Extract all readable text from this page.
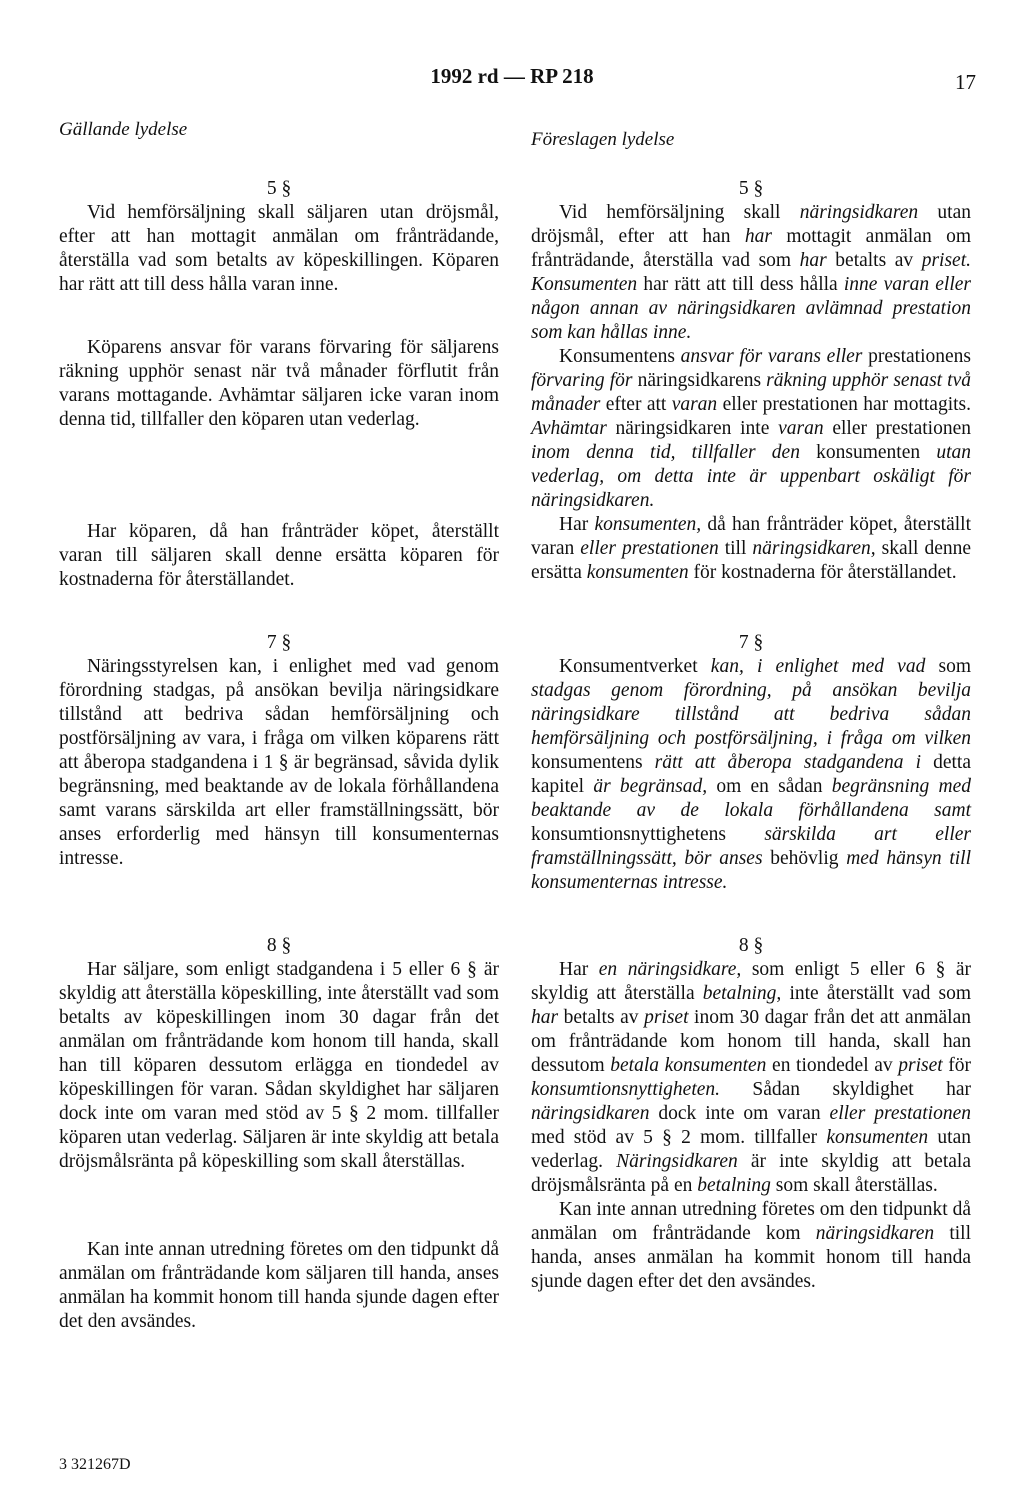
1992 rd — RP 218	17
Gällande lydelse

5 §

Vid hemförsäljning skall säljaren utan dröjsmål, efter att han mottagit anmälan om frånträdande, återställa vad som betalts av köpeskillingen. Köparen har rätt att till dess hålla varan inne.

Köparens ansvar för varans förvaring för säljarens räkning upphör senast när två månader förflutit från varans mottagande. Avhämtar säljaren icke varan inom denna tid, tillfaller den köparen utan vederlag.

Har köparen, då han frånträder köpet, återställt varan till säljaren skall denne ersätta köparen för kostnaderna för återställandet.

7 §

Näringsstyrelsen kan, i enlighet med vad genom förordning stadgas, på ansökan bevilja näringsidkare tillstånd att bedriva sådan hemförsäljning och postförsäljning av vara, i fråga om vilken köparens rätt att åberopa stadgandena i 1 § är begränsad, såvida dylik begränsning, med beaktande av de lokala förhållandena samt varans särskilda art eller framställningssätt, bör anses erforderlig med hänsyn till konsumenternas intresse.

8 §

Har säljare, som enligt stadgandena i 5 eller 6 § är skyldig att återställa köpeskilling, inte återställt vad som betalts av köpeskillingen inom 30 dagar från det anmälan om frånträdande kom honom till handa, skall han till köparen dessutom erlägga en tiondedel av köpeskillingen för varan. Sådan skyldighet har säljaren dock inte om varan med stöd av 5 § 2 mom. tillfaller köparen utan vederlag. Säljaren är inte skyldig att betala dröjsmålsränta på köpeskilling som skall återställas.

Kan inte annan utredning företes om den tidpunkt då anmälan om frånträdande kom säljaren till handa, anses anmälan ha kommit honom till handa sjunde dagen efter det den avsändes.

Föreslagen lydelse

5 §

Vid hemförsäljning skall näringsidkaren utan dröjsmål, efter att han har mottagit anmälan om frånträdande, återställa vad som har betalts av priset. Konsumenten har rätt att till dess hålla inne varan eller någon annan av näringsidkaren avlämnad prestation som kan hållas inne.

Konsumentens ansvar för varans eller prestationens förvaring för näringsidkarens räkning upphör senast två månader efter att varan eller prestationen har mottagits. Avhämtar näringsidkaren inte varan eller prestationen inom denna tid, tillfaller den konsumenten utan vederlag, om detta inte är uppenbart oskäligt för näringsidkaren.

Har konsumenten, då han frånträder köpet, återställt varan eller prestationen till näringsidkaren, skall denne ersätta konsumenten för kostnaderna för återställandet.

7 §

Konsumentverket kan, i enlighet med vad som stadgas genom förordning, på ansökan bevilja näringsidkare tillstånd att bedriva sådan hemförsäljning och postförsäljning, i fråga om vilken konsumentens rätt att åberopa stadgandena i detta kapitel är begränsad, om en sådan begränsning med beaktande av de lokala förhållandena samt konsumtionsnyttighetens särskilda art eller framställningssätt, bör anses behövlig med hänsyn till konsumenternas intresse.

8 §

Har en näringsidkare, som enligt 5 eller 6 § är skyldig att återställa betalning, inte återställt vad som har betalts av priset inom 30 dagar från det att anmälan om frånträdande kom honom till handa, skall han dessutom betala konsumenten en tiondedel av priset för konsumtionsnyttigheten. Sådan skyldighet har näringsidkaren dock inte om varan eller prestationen med stöd av 5 § 2 mom. tillfaller konsumenten utan vederlag. Näringsidkaren är inte skyldig att betala dröjsmålsränta på en betalning som skall återställas.

Kan inte annan utredning företes om den tidpunkt då anmälan om frånträdande kom näringsidkaren till handa, anses anmälan ha kommit honom till handa sjunde dagen efter det den avsändes.

3 321267D
